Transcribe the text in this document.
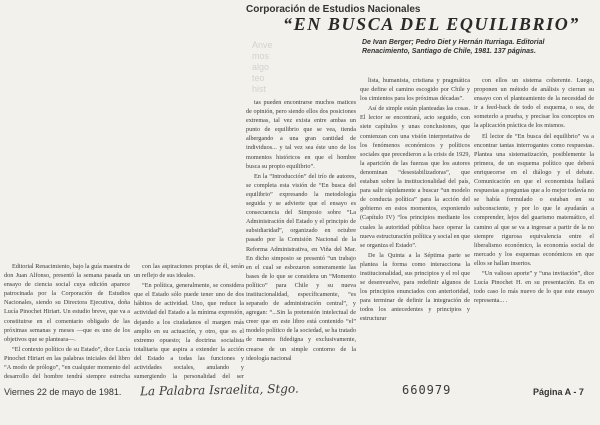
Corporación de Estudios Nacionales
“EN BUSCA DEL EQUILIBRIO”
De Ivan Berger; Pedro Diet y Hernán Iturriaga. Editorial Renacimiento, Santiago de Chile, 1981. 137 páginas.
Anve
mos
algo
teo
hist

Editorial Renacimiento, bajo la guía maestra de don Juan Alfonso, presentó la semana pasada un ensayo de ciencia social cuya edición aparece patrocinada por la Corporación de Estudios Nacionales, siendo su Directora Ejecutiva, doña Lucía Pinochet Hiriart. Un estudio breve, que va a constituirse en el comentario obligado de las próximas semanas y meses —que es uno de los objetivos que se planteara—.

“El contexto político de su Estado”, dice Lucía Pinochet Hiriart en las palabras iniciales del libro “A modo de prólogo”, “en cualquier momento del desarrollo del hombre tendrá siempre estrecha

con las aspiraciones propias de él, serán un reflejo de sus ideales.

“En política, generalmente, se considera que el Estado sólo puede tener uno de dos hábitos de actividad. Uno, que reduce la actividad del Estado a la mínima expresión, dejando a los ciudadanos el margen más amplio en su actuación, y otro, que es el extremo opuesto; la doctrina socialista totalitaria que aspira a extender la acción del Estado a todas las funciones y actividades sociales, anulando y sumergiendo la personalidad del ser

tas pueden encontrarse muchos matices de opinión, pero siendo ellos dos posiciones extremas, tal vez exista entre ambas un punto de equilibrio que se vea, tienda albergando a una gran cantidad de individuos... y tal vez sea éste uno de los momentos históricos en que el hombre busca su propio equilibrio”.

En la “Introducción” del trío de autores, se completa esta visión de “En busca del equilibrio” expresando la metodología seguida y se advierte que el ensayo es consecuencia del Simposio sobre “La Administración del Estado y el principio de subsidiaridad”, organizado en octubre pasado por la Comisión Nacional de la Reforma Administrativa, en Viña del Mar. En dicho simposio se presentó “un trabajo en el cual se esbozaron someramente las bases de lo que se considera un “Momento político” para Chile y su nueva institucionalidad, específicamente, “es separado de administración central”, y agregan: “...Sin la pretensión intelectual de creer que en este libro está contenido “el” modelo político de la sociedad, se ha tratado de manera fidedigna y exclusivamente, crearse de un simple contorno de la ideología nacional

lista, humanista, cristiana y pragmática que define el camino escogido por Chile y los cimientos para los próximas décadas”.

Así de simple están planteadas las cosas. El lector se encontrará, acto seguido, con siete capítulos y unas conclusiones, que comienzan con una visión interpretativa de los fenómenos económicos y políticos sociales que precedieron a la crisis de 1929, la aparición de las fuerzas que los autores denominan “desestabilizadoras”, que estaban sobre la institucionalidad del país, para salir rápidamente a buscar “un modelo de conducta política” para la acción del gobierno en estos momentos, exponiendo (Capítulo IV) “los principios mediante los cuales la autoridad pública hace operar la nueva estructuración política y social en que se organiza el Estado”.

De la Quinta a la Séptima parte se plantea la forma como interacciona la institucionalidad, sus principios y el rol que se desenvuelve, para redefinir algunos de los principios enunciados con anterioridad, para terminar de definir la integración de todos los antecedentes y principios y estructurar

con ellos un sistema coherente. Luego, proponen un método de análisis y cierran su ensayo con el planteamiento de la necesidad de ir a feed-back de todo el esquema, o sea, de someterlo a prueba, y precisar los conceptos en la aplicación práctica de los mismos.

El lector de “En busca del equilibrio” va a encontrar tantas interrogantes como respuestas. Plantea una sistematización, posiblemente la primera, de un esquema político que deberá enriquecerse en el diálogo y el debate. Comunicación en que el economista hallará respuestas a preguntas que a lo mejor todavía no se había formulado o estaban en su subconsciente, y por lo que le ayudarán a comprender, lejos del guarismo matemático, el camino al que se va a ingresar a partir de la no siempre rigurosa equivalencia entre el liberalismo económico, la economía social de mercado y los esquemas económicos en que ellos se hallan insertos.

“Un valioso aporte” y “una invitación”, dice Lucía Pinochet H. en su presentación. Es en todo caso lo más nuevo de lo que este ensayo representa... .

Viernes 22 de mayo de 1981. La Palabra Israelita, Stgo.	660979	Página A - 7
